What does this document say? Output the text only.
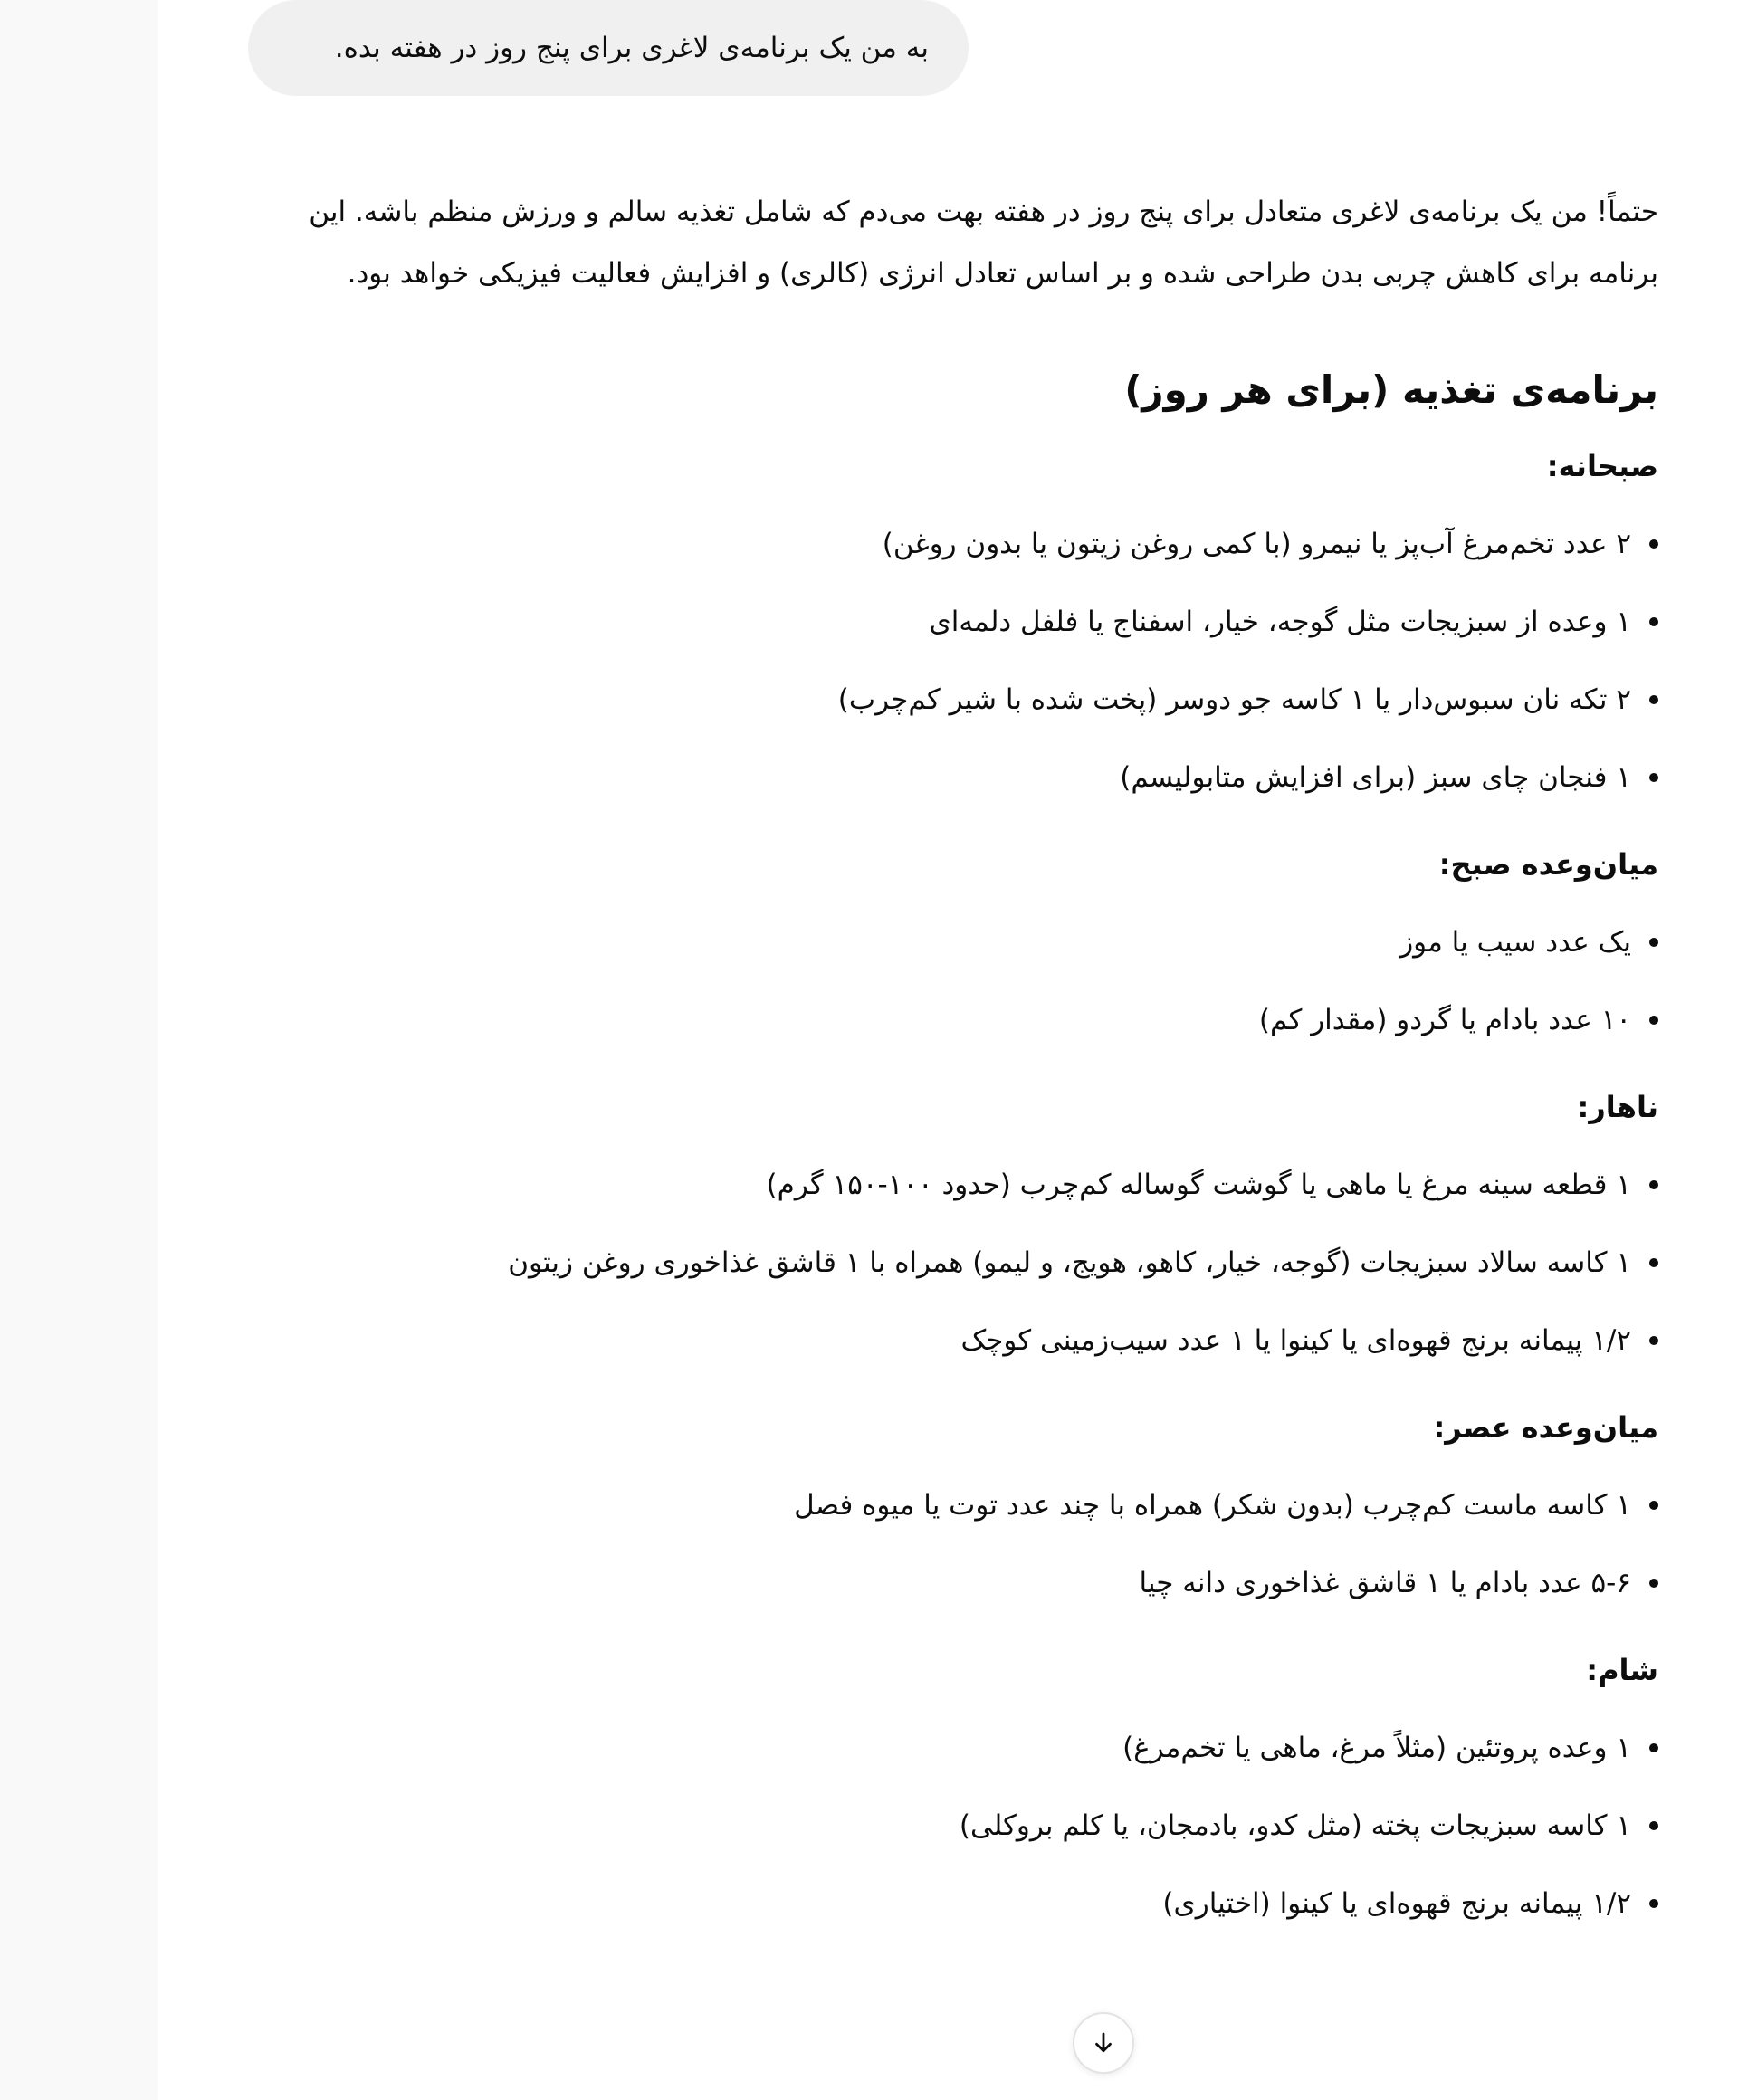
به من یک برنامه‌ی لاغری برای پنج روز در هفته بده.

حتماً! من یک برنامه‌ی لاغری متعادل برای پنج روز در هفته بهت می‌دم که شامل تغذیه سالم و ورزش منظم باشه. این برنامه برای کاهش چربی بدن طراحی شده و بر اساس تعادل انرژی (کالری) و افزایش فعالیت فیزیکی خواهد بود.

برنامه‌ی تغذیه (برای هر روز)
صبحانه:
۲ عدد تخم‌مرغ آب‌پز یا نیمرو (با کمی روغن زیتون یا بدون روغن)
۱ وعده از سبزیجات مثل گوجه، خیار، اسفناج یا فلفل دلمه‌ای
۲ تکه نان سبوس‌دار یا ۱ کاسه جو دوسر (پخت شده با شیر کم‌چرب)
۱ فنجان چای سبز (برای افزایش متابولیسم)
میان‌وعده صبح:
یک عدد سیب یا موز
۱۰ عدد بادام یا گردو (مقدار کم)
ناهار:
۱ قطعه سینه مرغ یا ماهی یا گوشت گوساله کم‌چرب (حدود ۱۰۰-۱۵۰ گرم)
۱ کاسه سالاد سبزیجات (گوجه، خیار، کاهو، هویج، و لیمو) همراه با ۱ قاشق غذاخوری روغن زیتون
۱/۲ پیمانه برنج قهوه‌ای یا کینوا یا ۱ عدد سیب‌زمینی کوچک
میان‌وعده عصر:
۱ کاسه ماست کم‌چرب (بدون شکر) همراه با چند عدد توت یا میوه فصل
۵-۶ عدد بادام یا ۱ قاشق غذاخوری دانه چیا
شام:
۱ وعده پروتئین (مثلاً مرغ، ماهی یا تخم‌مرغ)
۱ کاسه سبزیجات پخته (مثل کدو، بادمجان، یا کلم بروکلی)
۱/۲ پیمانه برنج قهوه‌ای یا کینوا (اختیاری)
